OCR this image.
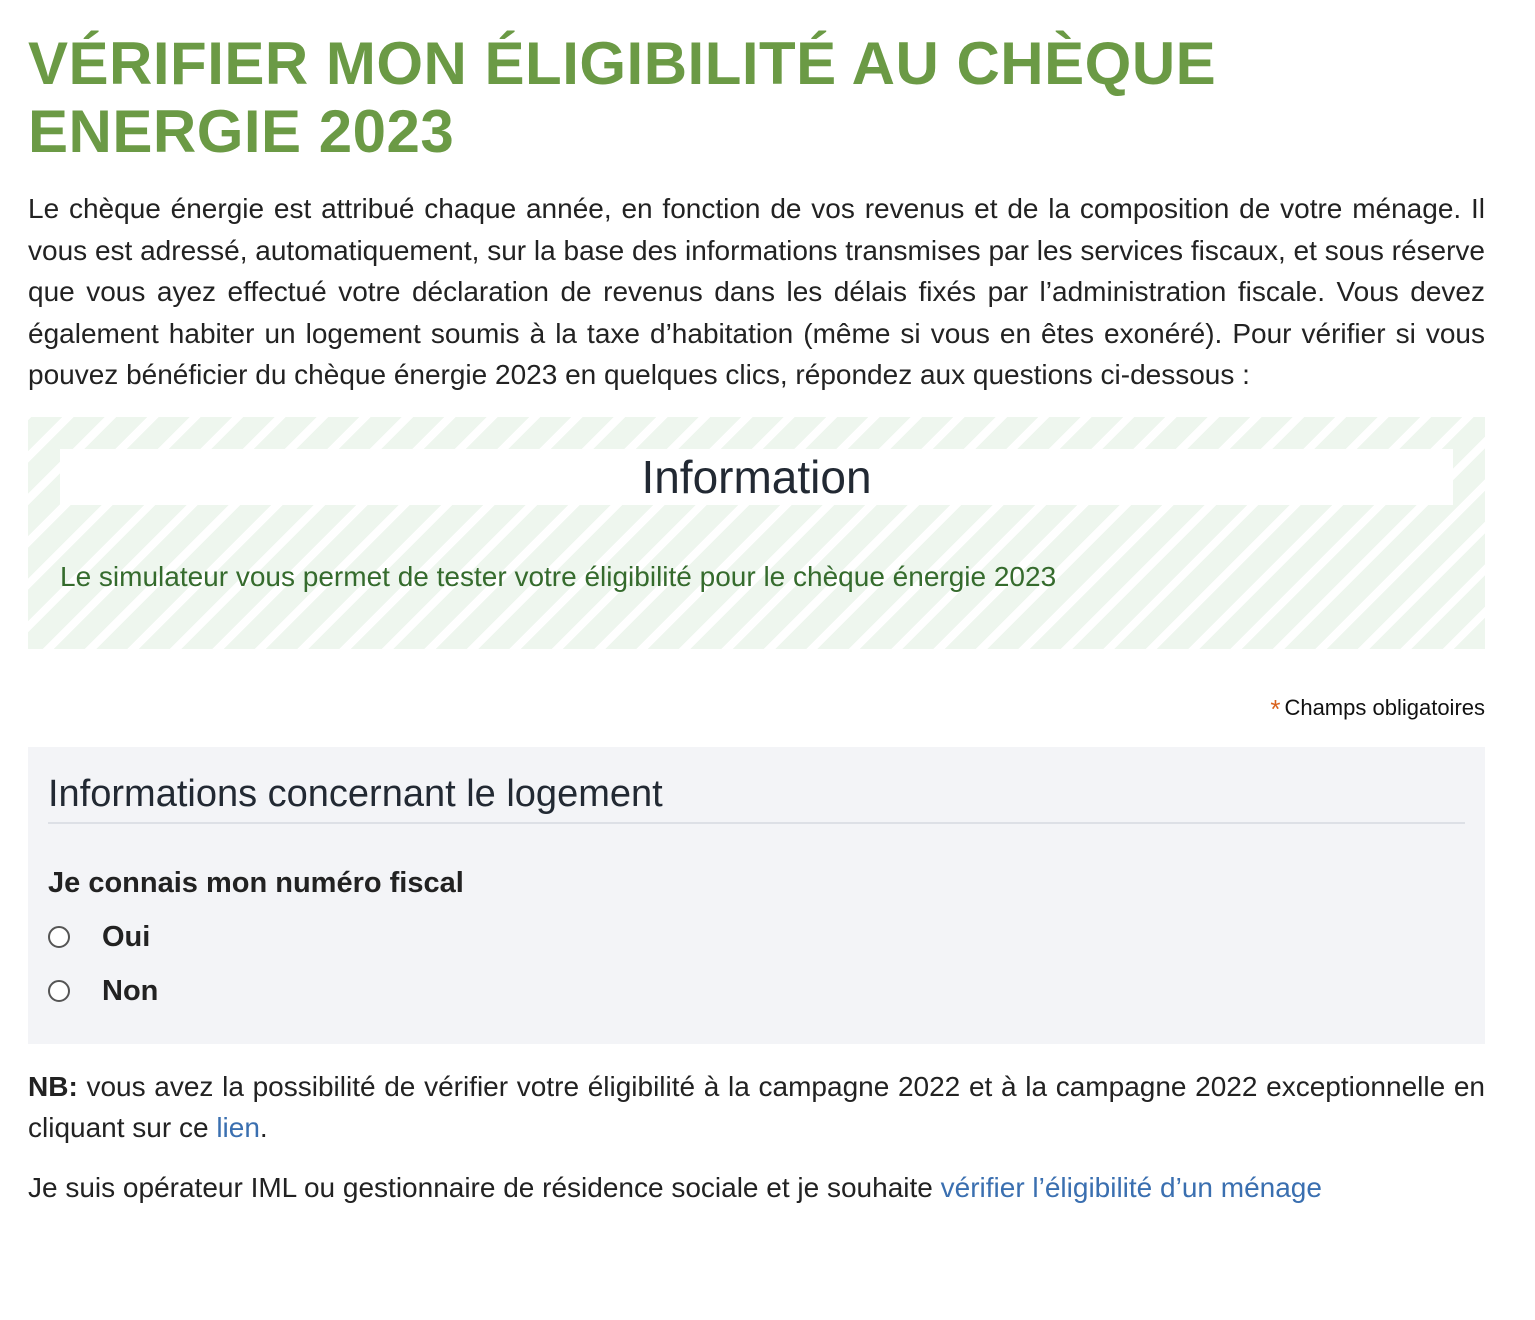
VÉRIFIER MON ÉLIGIBILITÉ AU CHÈQUE ENERGIE 2023

Le chèque énergie est attribué chaque année, en fonction de vos revenus et de la composition de votre ménage. Il vous est adressé, automatiquement, sur la base des informations transmises par les services fiscaux, et sous réserve que vous ayez effectué votre déclaration de revenus dans les délais fixés par l’administration fiscale. Vous devez également habiter un logement soumis à la taxe d’habitation (même si vous en êtes exonéré). Pour vérifier si vous pouvez bénéficier du chèque énergie 2023 en quelques clics, répondez aux questions ci-dessous :

Information
Le simulateur vous permet de tester votre éligibilité pour le chèque énergie 2023
* Champs obligatoires
Informations concernant le logement
Je connais mon numéro fiscal
Oui
Non

NB: vous avez la possibilité de vérifier votre éligibilité à la campagne 2022 et à la campagne 2022 exceptionnelle en cliquant sur ce lien.

Je suis opérateur IML ou gestionnaire de résidence sociale et je souhaite vérifier l’éligibilité d’un ménage
